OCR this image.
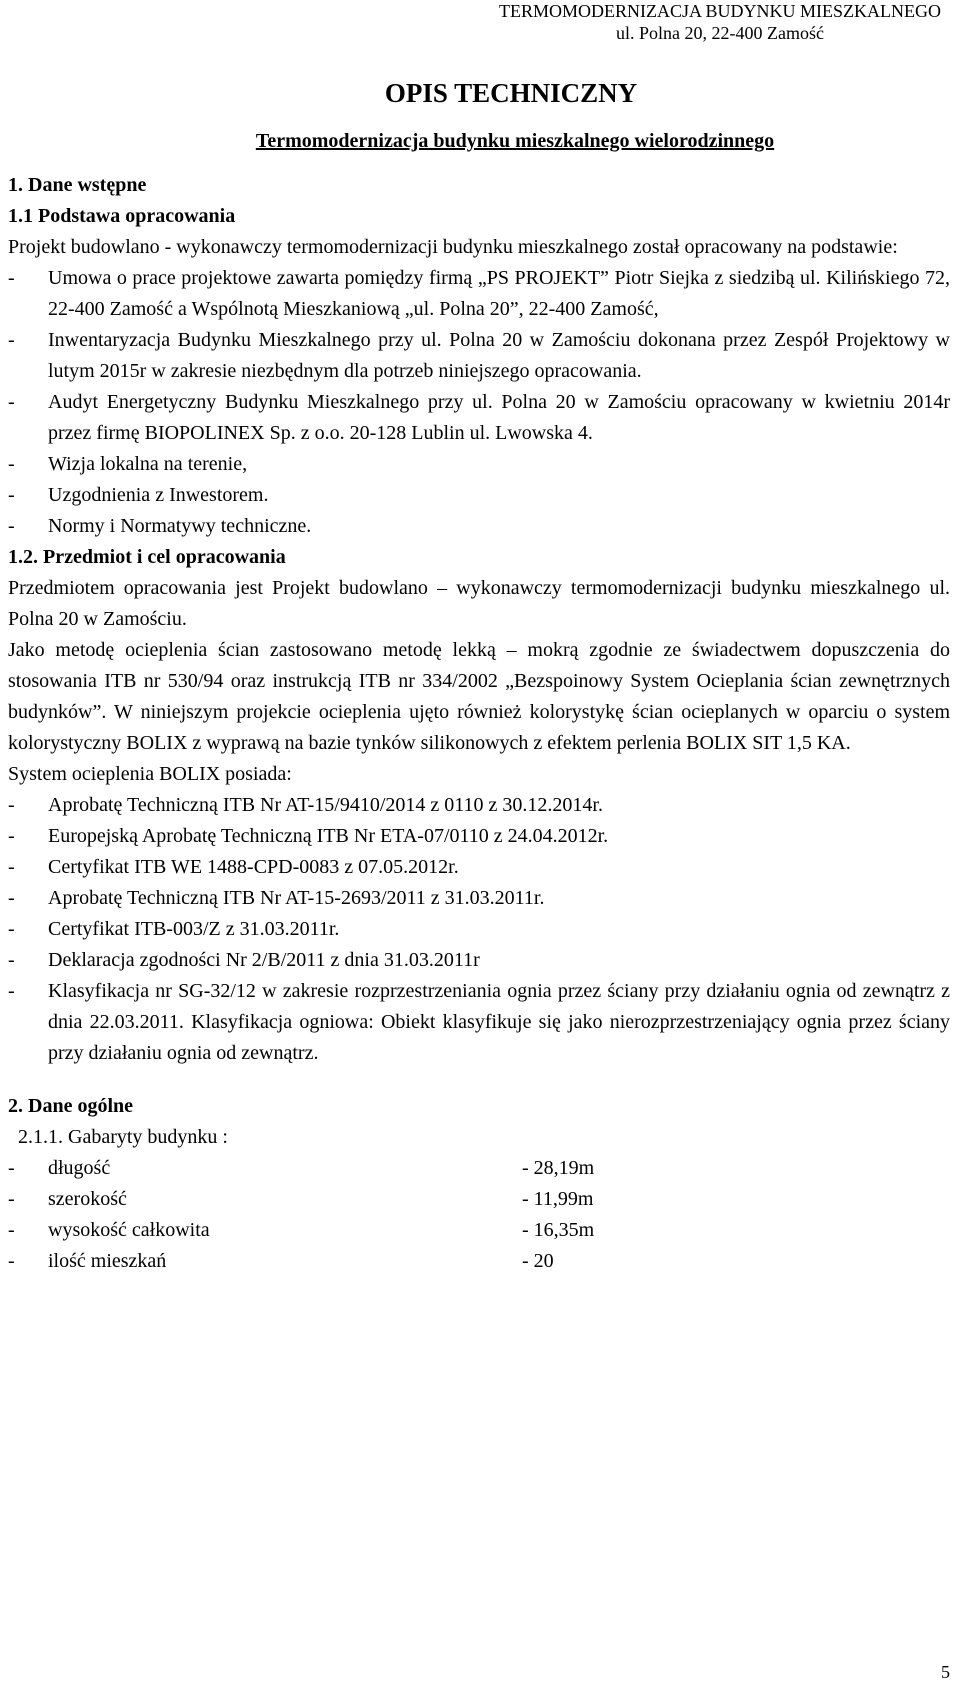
TERMOMODERNIZACJA BUDYNKU MIESZKALNEGO
ul. Polna 20, 22-400 Zamość
OPIS TECHNICZNY
Termomodernizacja budynku mieszkalnego wielorodzinnego

1. Dane wstępne

1.1 Podstawa opracowania

Projekt budowlano - wykonawczy termomodernizacji budynku mieszkalnego został opracowany na podstawie:

-	Umowa o prace projektowe zawarta pomiędzy firmą „PS PROJEKT” Piotr Siejka z siedzibą ul. Kilińskiego 72, 22-400 Zamość a Wspólnotą Mieszkaniową „ul. Polna 20”, 22-400 Zamość,
-	Inwentaryzacja Budynku Mieszkalnego przy ul. Polna 20 w Zamościu dokonana przez Zespół Projektowy w lutym 2015r w zakresie niezbędnym dla potrzeb niniejszego opracowania.
-	Audyt Energetyczny Budynku Mieszkalnego przy ul. Polna 20 w Zamościu opracowany w kwietniu 2014r przez firmę BIOPOLINEX Sp. z o.o. 20-128 Lublin ul. Lwowska 4.
-	Wizja lokalna na terenie,
-	Uzgodnienia z Inwestorem.
-	Normy i Normatywy techniczne.

1.2. Przedmiot i cel opracowania

Przedmiotem opracowania jest Projekt budowlano – wykonawczy termomodernizacji budynku mieszkalnego ul. Polna 20 w Zamościu.

Jako metodę ocieplenia ścian zastosowano metodę lekką – mokrą zgodnie ze świadectwem dopuszczenia do stosowania ITB nr 530/94 oraz instrukcją ITB nr 334/2002 „Bezspoinowy System Ocieplania ścian zewnętrznych budynków”. W niniejszym projekcie ocieplenia ujęto również kolorystykę ścian ocieplanych w oparciu o system kolorystyczny BOLIX z wyprawą na bazie tynków silikonowych z efektem perlenia BOLIX SIT 1,5 KA.

System ocieplenia BOLIX posiada:

-	Aprobatę Techniczną ITB Nr AT-15/9410/2014 z 0110 z 30.12.2014r.
-	Europejską Aprobatę Techniczną ITB Nr ETA-07/0110 z 24.04.2012r.
-	Certyfikat ITB WE 1488-CPD-0083 z 07.05.2012r.
-	Aprobatę Techniczną ITB Nr AT-15-2693/2011 z 31.03.2011r.
-	Certyfikat ITB-003/Z z 31.03.2011r.
-	Deklaracja zgodności Nr 2/B/2011 z dnia 31.03.2011r
-	Klasyfikacja nr SG-32/12 w zakresie rozprzestrzeniania ognia przez ściany przy działaniu ognia od zewnątrz z dnia 22.03.2011. Klasyfikacja ogniowa: Obiekt klasyfikuje się jako nierozprzestrzeniający ognia przez ściany przy działaniu ognia od zewnątrz.

2. Dane ogólne

2.1.1. Gabaryty budynku :

-	długość	- 28,19m
-	szerokość	- 11,99m
-	wysokość całkowita	- 16,35m
-	ilość mieszkań	- 20
5
